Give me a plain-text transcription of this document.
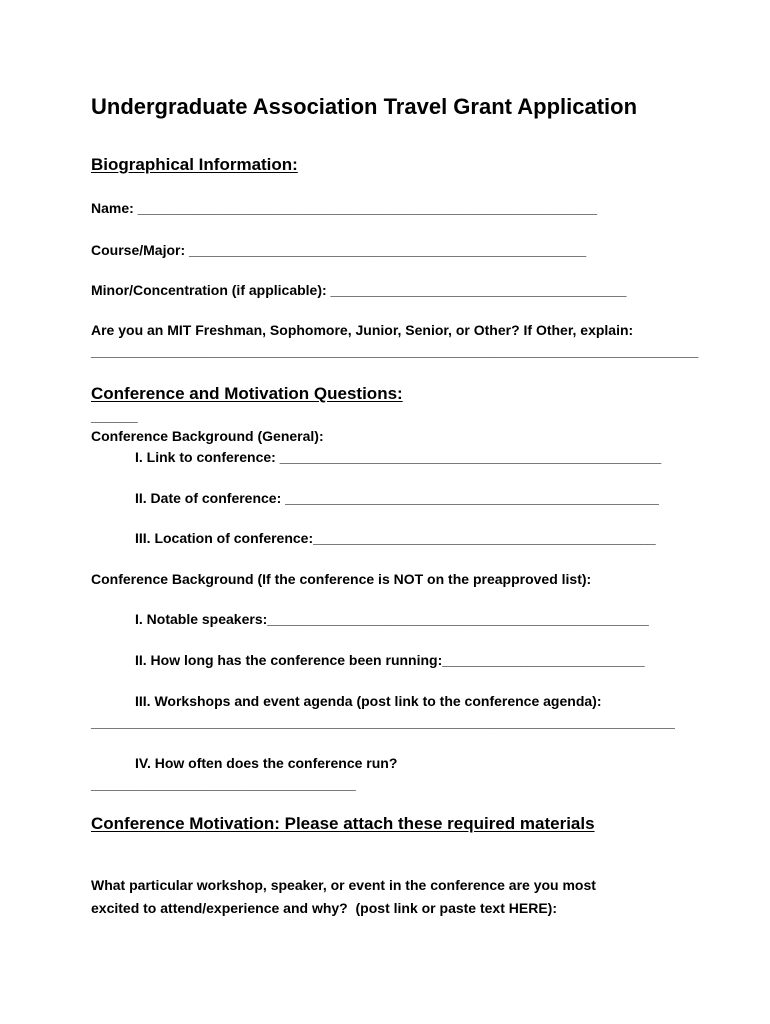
Undergraduate Association Travel Grant Application
Biographical Information:
Name: ___________________________________________________________
Course/Major: ___________________________________________________
Minor/Concentration (if applicable): ______________________________________
Are you an MIT Freshman, Sophomore, Junior, Senior, or Other? If Other, explain:
______________________________________________________________________________
Conference and Motivation Questions:
______
Conference Background (General):
I. Link to conference: _________________________________________________
II. Date of conference: ________________________________________________
III. Location of conference:____________________________________________
Conference Background (If the conference is NOT on the preapproved list):
I. Notable speakers:_________________________________________________
II. How long has the conference been running:__________________________
III. Workshops and event agenda (post link to the conference agenda):
___________________________________________________________________________
IV. How often does the conference run?
__________________________________
Conference Motivation: Please attach these required materials
What particular workshop, speaker, or event in the conference are you most
excited to attend/experience and why?  (post link or paste text HERE):
